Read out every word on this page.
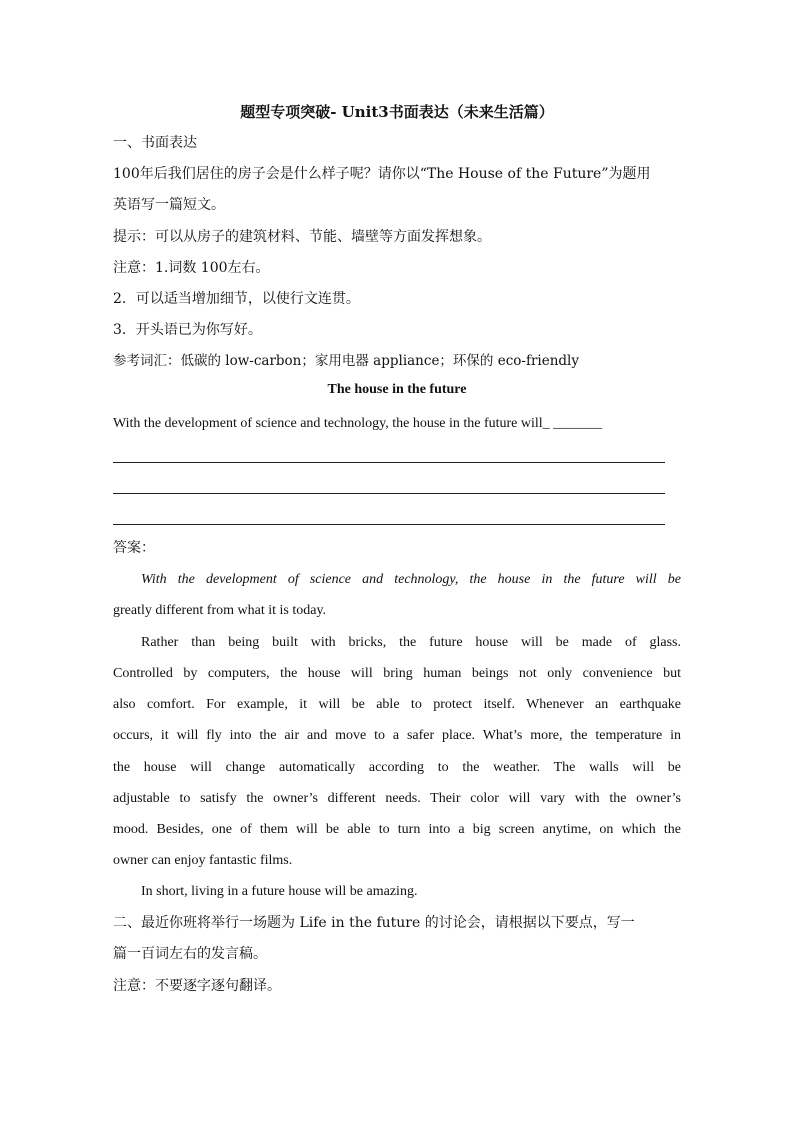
题型专项突破- Unit3书面表达（未来生活篇）
一、书面表达
100年后我们居住的房子会是什么样子呢？请你以“The House of the Future”为题用
英语写一篇短文。
提示：可以从房子的建筑材料、节能、墙壁等方面发挥想象。
注意：1.词数 100左右。
2．可以适当增加细节，以使行文连贯。
3．开头语已为你写好。
参考词汇：低碳的 low-carbon；家用电器 appliance；环保的 eco-friendly
The house in the future
With the development of science and technology, the house in the future will_ _______
答案：
With the development of science and technology, the house in the future will be
greatly different from what it is today.
Rather than being built with bricks, the future house will be made of glass.
Controlled by computers, the house will bring human beings not only convenience but
also comfort. For example, it will be able to protect itself. Whenever an earthquake
occurs, it will fly into the air and move to a safer place. What’s more, the temperature in
the house will change automatically according to the weather. The walls will be
adjustable to satisfy the owner’s different needs. Their color will vary with the owner’s
mood. Besides, one of them will be able to turn into a big screen anytime, on which the
owner can enjoy fantastic films.
In short, living in a future house will be amazing.
二、最近你班将举行一场题为 Life in the future 的讨论会，请根据以下要点，写一
篇一百词左右的发言稿。
注意：不要逐字逐句翻译。
